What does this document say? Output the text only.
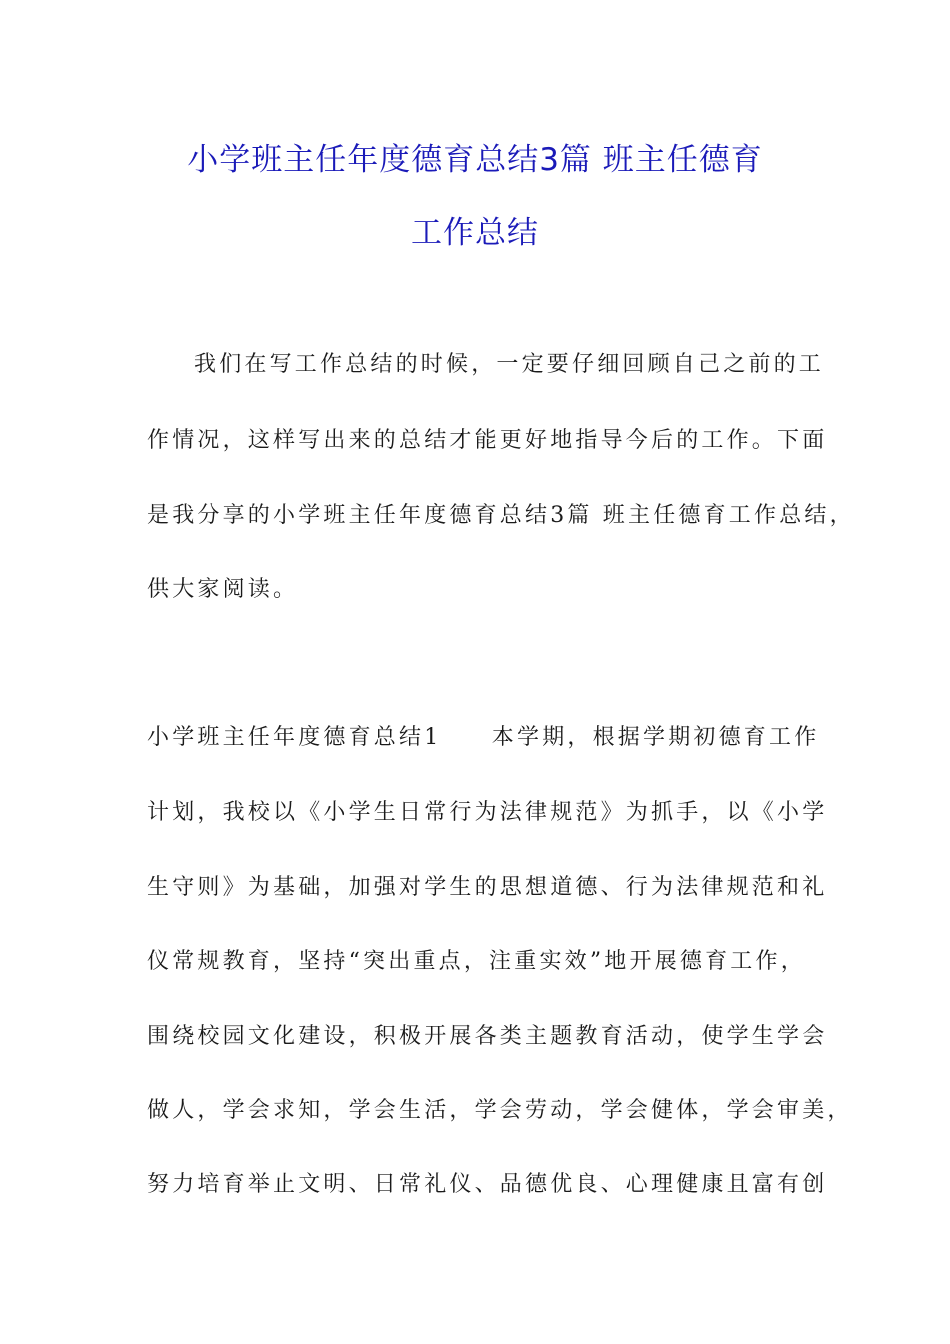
小学班主任年度德育总结3篇 班主任德育
工作总结
我们在写工作总结的时候，一定要仔细回顾自己之前的工
作情况，这样写出来的总结才能更好地指导今后的工作。下面
是我分享的小学班主任年度德育总结3篇 班主任德育工作总结，
供大家阅读。
小学班主任年度德育总结1　　本学期，根据学期初德育工作
计划，我校以《小学生日常行为法律规范》为抓手，以《小学
生守则》为基础，加强对学生的思想道德、行为法律规范和礼
仪常规教育，坚持“突出重点，注重实效”地开展德育工作，
围绕校园文化建设，积极开展各类主题教育活动，使学生学会
做人，学会求知，学会生活，学会劳动，学会健体，学会审美，
努力培育举止文明、日常礼仪、品德优良、心理健康且富有创
